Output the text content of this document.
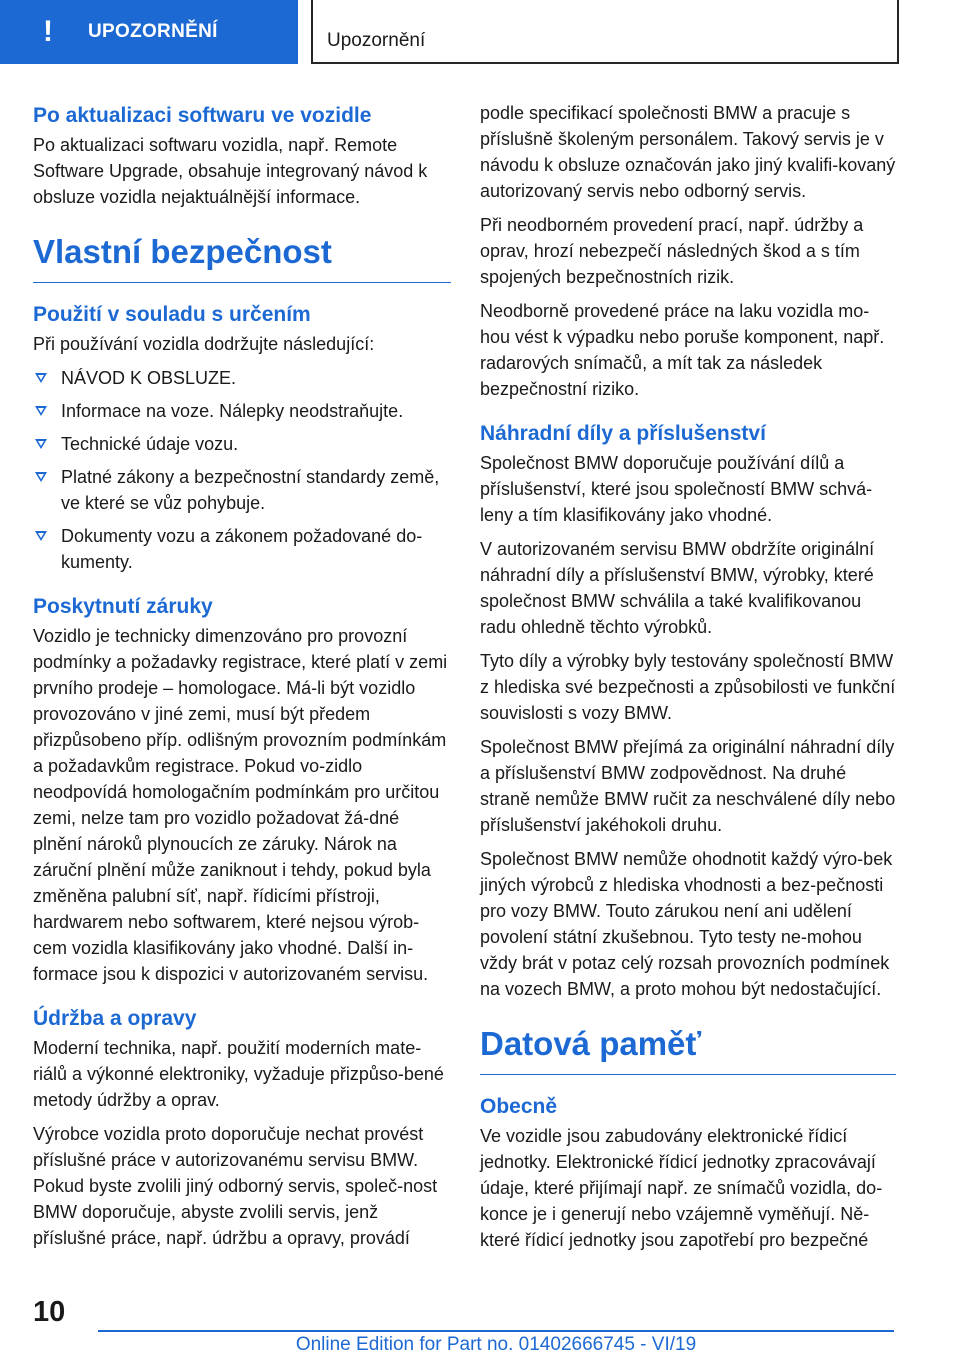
! UPOZORNĚNÍ	Upozornění
Po aktualizaci softwaru ve vozidle

Po aktualizaci softwaru vozidla, např. Remote Software Upgrade, obsahuje integrovaný návod k obsluze vozidla nejaktuálnější informace.

Vlastní bezpečnost
Použití v souladu s určením

Při používání vozidla dodržujte následující:

NÁVOD K OBSLUZE.
Informace na voze. Nálepky neodstraňujte.
Technické údaje vozu.
Platné zákony a bezpečnostní standardy země, ve které se vůz pohybuje.
Dokumenty vozu a zákonem požadované do-kumenty.
Poskytnutí záruky

Vozidlo je technicky dimenzováno pro provozní podmínky a požadavky registrace, které platí v zemi prvního prodeje – homologace. Má-li být vozidlo provozováno v jiné zemi, musí být předem přizpůsobeno příp. odlišným provozním podmínkám a požadavkům registrace. Pokud vo-zidlo neodpovídá homologačním podmínkám pro určitou zemi, nelze tam pro vozidlo požadovat žá-dné plnění nároků plynoucích ze záruky. Nárok na záruční plnění může zaniknout i tehdy, pokud byla změněna palubní síť, např. řídicími přístroji, hardwarem nebo softwarem, které nejsou výrob-cem vozidla klasifikovány jako vhodné. Další in-formace jsou k dispozici v autorizovaném servisu.

Údržba a opravy

Moderní technika, např. použití moderních mate-riálů a výkonné elektroniky, vyžaduje přizpůso-bené metody údržby a oprav.

Výrobce vozidla proto doporučuje nechat provést příslušné práce v autorizovanému servisu BMW. Pokud byste zvolili jiný odborný servis, společ-nost BMW doporučuje, abyste zvolili servis, jenž příslušné práce, např. údržbu a opravy, provádí

podle specifikací společnosti BMW a pracuje s příslušně školeným personálem. Takový servis je v návodu k obsluze označován jako jiný kvalifi-kovaný autorizovaný servis nebo odborný servis.

Při neodborném provedení prací, např. údržby a oprav, hrozí nebezpečí následných škod a s tím spojených bezpečnostních rizik.

Neodborně provedené práce na laku vozidla mo-hou vést k výpadku nebo poruše komponent, např. radarových snímačů, a mít tak za následek bezpečnostní riziko.

Náhradní díly a příslušenství

Společnost BMW doporučuje používání dílů a příslušenství, které jsou společností BMW schvá-leny a tím klasifikovány jako vhodné.

V autorizovaném servisu BMW obdržíte originální náhradní díly a příslušenství BMW, výrobky, které společnost BMW schválila a také kvalifikovanou radu ohledně těchto výrobků.

Tyto díly a výrobky byly testovány společností BMW z hlediska své bezpečnosti a způsobilosti ve funkční souvislosti s vozy BMW.

Společnost BMW přejímá za originální náhradní díly a příslušenství BMW zodpovědnost. Na druhé straně nemůže BMW ručit za neschválené díly nebo příslušenství jakéhokoli druhu.

Společnost BMW nemůže ohodnotit každý výro-bek jiných výrobců z hlediska vhodnosti a bez-pečnosti pro vozy BMW. Touto zárukou není ani udělení povolení státní zkušebnou. Tyto testy ne-mohou vždy brát v potaz celý rozsah provozních podmínek na vozech BMW, a proto mohou být nedostačující.

Datová paměť
Obecně

Ve vozidle jsou zabudovány elektronické řídicí jednotky. Elektronické řídicí jednotky zpracovávají údaje, které přijímají např. ze snímačů vozidla, do-konce je i generují nebo vzájemně vyměňují. Ně-které řídicí jednotky jsou zapotřebí pro bezpečné

10
Online Edition for Part no. 01402666745 - VI/19
